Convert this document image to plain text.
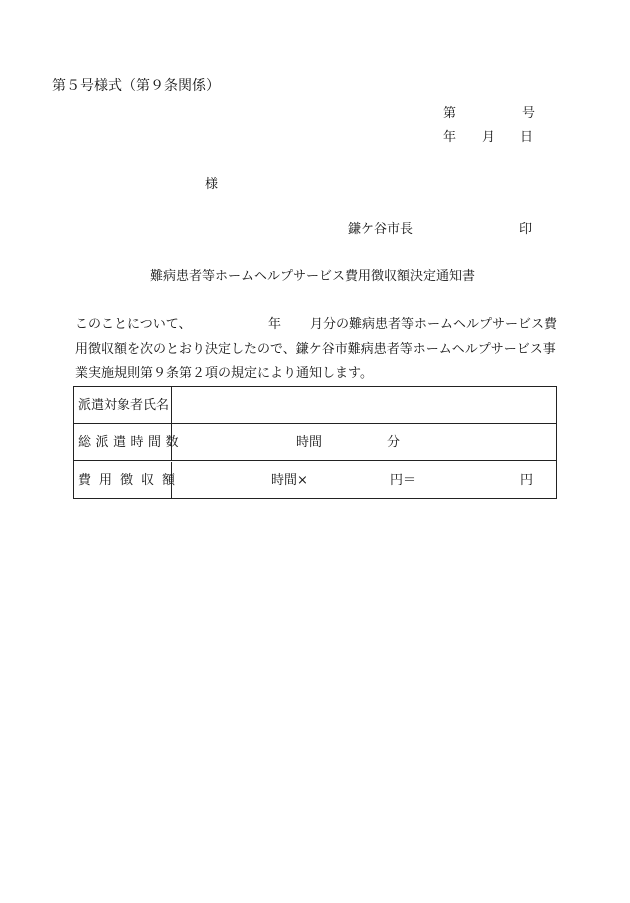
第５号様式（第９条関係）
第	号
年 月 日
様
鎌ケ谷市長	印
難病患者等ホームヘルプサービス費用徴収額決定通知書
このことについて、	年 月分の難病患者等ホームヘルプサービス費
用徴収額を次のとおり決定したので、鎌ケ谷市難病患者等ホームヘルプサービス事
業実施規則第９条第２項の規定により通知します。
派遣対象者氏名
総派遣時間数	時間	分
費用徴収額	時間×	円＝	円
